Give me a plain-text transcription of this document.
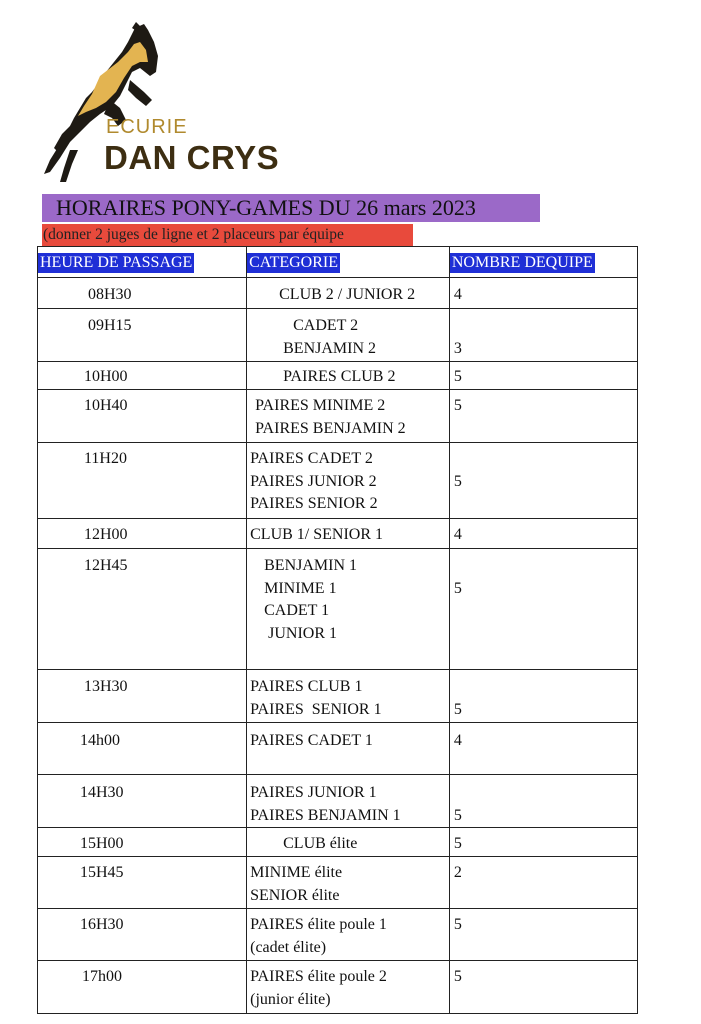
ECURIE
DAN CRYS
HORAIRES PONY-GAMES DU 26 mars 2023
(donner 2 juges de ligne et 2 placeurs par équipe
HEURE DE PASSAGE	CATEGORIE	NOMBRE DEQUIPE
08H30	CLUB 2 / JUNIOR 2	4

09H15	CADET 2
BENJAMIN 2	3

10H00	PAIRES CLUB 2	5

10H40	PAIRES MINIME 2
PAIRES BENJAMIN 2	5

11H20	PAIRES CADET 2
PAIRES JUNIOR 2
PAIRES SENIOR 2	5

12H00	CLUB 1/ SENIOR 1	4

12H45	BENJAMIN 1
MINIME 1
CADET 1
JUNIOR 1	5

13H30	PAIRES CLUB 1
PAIRES  SENIOR 1	5

14h00	PAIRES CADET 1	4

14H30	PAIRES JUNIOR 1
PAIRES BENJAMIN 1	5

15H00	CLUB élite	5

15H45	MINIME élite
SENIOR élite	2

16H30	PAIRES élite poule 1
(cadet élite)	5

17h00	PAIRES élite poule 2
(junior élite)	5
